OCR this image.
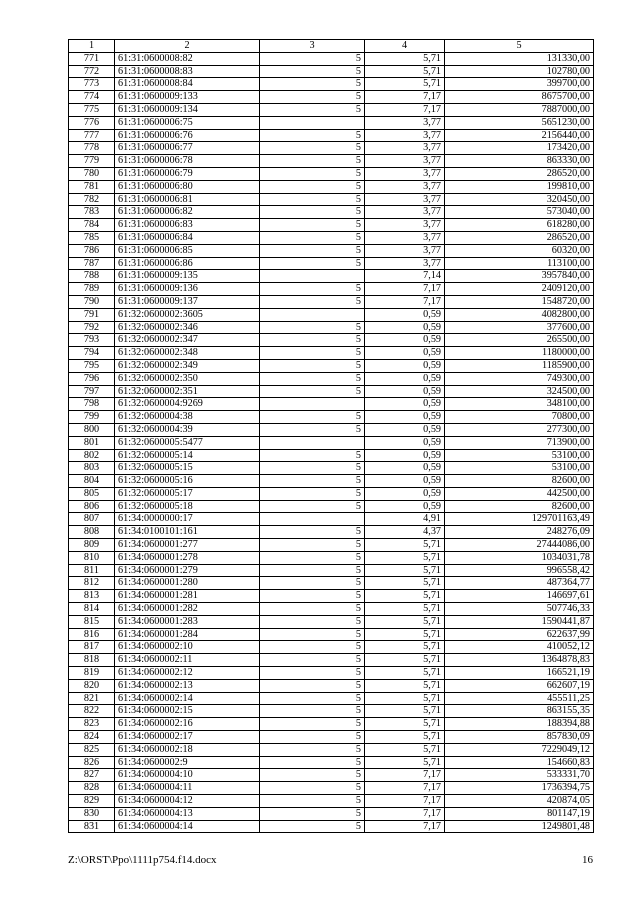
1	2	3	4	5
771	61:31:0600008:82	5	5,71	131330,00
772	61:31:0600008:83	5	5,71	102780,00
773	61:31:0600008:84	5	5,71	399700,00
774	61:31:0600009:133	5	7,17	8675700,00
775	61:31:0600009:134	5	7,17	7887000,00
776	61:31:0600006:75		3,77	5651230,00
777	61:31:0600006:76	5	3,77	2156440,00
778	61:31:0600006:77	5	3,77	173420,00
779	61:31:0600006:78	5	3,77	863330,00
780	61:31:0600006:79	5	3,77	286520,00
781	61:31:0600006:80	5	3,77	199810,00
782	61:31:0600006:81	5	3,77	320450,00
783	61:31:0600006:82	5	3,77	573040,00
784	61:31:0600006:83	5	3,77	618280,00
785	61:31:0600006:84	5	3,77	286520,00
786	61:31:0600006:85	5	3,77	60320,00
787	61:31:0600006:86	5	3,77	113100,00
788	61:31:0600009:135		7,14	3957840,00
789	61:31:0600009:136	5	7,17	2409120,00
790	61:31:0600009:137	5	7,17	1548720,00
791	61:32:0600002:3605		0,59	4082800,00
792	61:32:0600002:346	5	0,59	377600,00
793	61:32:0600002:347	5	0,59	265500,00
794	61:32:0600002:348	5	0,59	1180000,00
795	61:32:0600002:349	5	0,59	1185900,00
796	61:32:0600002:350	5	0,59	749300,00
797	61:32:0600002:351	5	0,59	324500,00
798	61:32:0600004:9269		0,59	348100,00
799	61:32:0600004:38	5	0,59	70800,00
800	61:32:0600004:39	5	0,59	277300,00
801	61:32:0600005:5477		0,59	713900,00
802	61:32:0600005:14	5	0,59	53100,00
803	61:32:0600005:15	5	0,59	53100,00
804	61:32:0600005:16	5	0,59	82600,00
805	61:32:0600005:17	5	0,59	442500,00
806	61:32:0600005:18	5	0,59	82600,00
807	61:34:0000000:17		4,91	129701163,49
808	61:34:0100101:161	5	4,37	248276,09
809	61:34:0600001:277	5	5,71	27444086,00
810	61:34:0600001:278	5	5,71	1034031,78
811	61:34:0600001:279	5	5,71	996558,42
812	61:34:0600001:280	5	5,71	487364,77
813	61:34:0600001:281	5	5,71	146697,61
814	61:34:0600001:282	5	5,71	507746,33
815	61:34:0600001:283	5	5,71	1590441,87
816	61:34:0600001:284	5	5,71	622637,99
817	61:34:0600002:10	5	5,71	410052,12
818	61:34:0600002:11	5	5,71	1364878,83
819	61:34:0600002:12	5	5,71	166521,19
820	61:34:0600002:13	5	5,71	662607,19
821	61:34:0600002:14	5	5,71	455511,25
822	61:34:0600002:15	5	5,71	863155,35
823	61:34:0600002:16	5	5,71	188394,88
824	61:34:0600002:17	5	5,71	857830,09
825	61:34:0600002:18	5	5,71	7229049,12
826	61:34:0600002:9	5	5,71	154660,83
827	61:34:0600004:10	5	7,17	533331,70
828	61:34:0600004:11	5	7,17	1736394,75
829	61:34:0600004:12	5	7,17	420874,05
830	61:34:0600004:13	5	7,17	801147,19
831	61:34:0600004:14	5	7,17	1249801,48
Z:\ORST\Ppo\1111p754.f14.docx	16
